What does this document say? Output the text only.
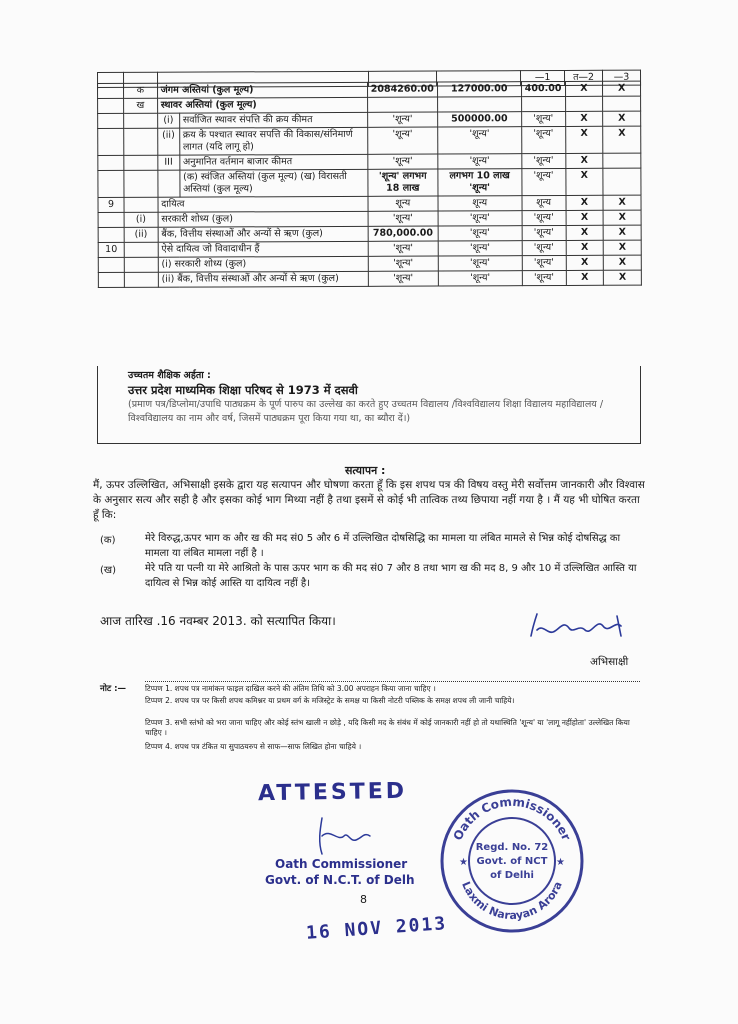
					—1	त—2	—3

	क	जंगम अस्तियां (कुल मूल्य)		2084260.00	127000.00	400.00	X	X
	ख	स्थावर अस्तियां (कुल मूल्य)						
		(i)	सर्वाजित स्थावर संपत्ति की क्रय कीमत	'शून्य'	500000.00	'शून्य'	X	X
		(ii)	क्रय के पश्चात स्थावर सपत्ति की विकास/संनिमार्ण लागत (यदि लागू हो)	'शून्य'	'शून्य'	'शून्य'	X	X
		III	अनुमानित वर्तमान बाजार कीमत	'शून्य'	'शून्य'	'शून्य'	X	
			(क) स्वंजित अस्तियां (कुल मूल्य) (ख) विरासती अस्तियां (कुल मूल्य)	'शून्य' लगभग 18 लाख	लगभग 10 लाख 'शून्य'	'शून्य'	X	
9		दायित्व		शून्य	शून्य	शून्य	X	X
	(i)	सरकारी शोध्य (कुल)		'शून्य'	'शून्य'	'शून्य'	X	X
	(ii)	बैंक, वित्तीय संस्थाओं और अन्यों से ऋण (कुल)		780,000.00	'शून्य'	'शून्य'	X	X
10		ऐसे दायित्व जो विवादाधीन हैं		'शून्य'	'शून्य'	'शून्य'	X	X
		(i) सरकारी शोध्य (कुल)		'शून्य'	'शून्य'	'शून्य'	X	X
		(ii) बैंक, वित्तीय संस्थाओं और अन्यों से ऋण (कुल)		'शून्य'	'शून्य'	'शून्य'	X	X
उच्चतम शैक्षिक अर्हता :
उत्तर प्रदेश माध्यमिक शिक्षा परिषद से 1973 में दसवी
(प्रमाण पत्र/डिप्लोमा/उपाधि पाठ्यक्रम के पूर्ण पारुप का उल्लेख का करते हुए उच्चतम विद्यालय /विश्वविद्यालय शिक्षा विद्यालय महाविद्यालय /विश्वविद्यालय का नाम और वर्ष, जिसमें पाठ्यक्रम पूरा किया गया था, का ब्यौरा दें।)
सत्यापन :
मैं, ऊपर उल्लिखित, अभिसाक्षी इसके द्वारा यह सत्यापन और घोषणा करता हूँ कि इस शपथ पत्र की विषय वस्तु मेरी सर्वोत्तम जानकारी और विश्वास के अनुसार सत्य और सही है और इसका कोई भाग मिथ्या नहीं है तथा इसमें से कोई भी तात्विक तथ्य छिपाया नहीं गया है । मैं यह भी घोषित करता हूँ कि:
(क)	मेरे विरुद्ध,ऊपर भाग क और ख की मद सं0 5 और 6 में उल्लिखित दोषसिद्धि का मामला या लंबित मामले से भिन्न कोई दोषसिद्ध का मामला या लंबित मामला नहीं है ।
(ख)	मेरे पति या पत्नी या मेरे आश्रितो के पास ऊपर भाग क की मद सं0 7 और 8 तथा भाग ख की मद 8, 9 और 10 में उल्लिखित आस्ति या दायित्व से भिन्न कोई आस्ति या दायित्व नहीं है।
आज तारिख .16 नवम्बर 2013. को सत्यापित किया।
अभिसाक्षी
नोट :—	टिप्पण 1. शपथ पत्र नामांकन फाइल दाखिल करने की अंतिम तिथि को 3.00 अपराहन किया जाना चाहिए ।
टिप्पण 2. शपथ पत्र पर किसी शपथ कमिश्नर या प्रथम वर्ग के मजिस्ट्रेट के समक्ष या किसी नोटरी पब्लिक के समक्ष शपथ ली जानी चाहिये।
टिप्पण 3. सभी स्तंभो को भरा जाना चाहिए और कोई स्तंभ खाली न छोड़े , यदि किसी मद के संबंध में कोई जानकारी नहीं हो तो यथास्थिति 'शून्य' या 'लागू नहींहोता' उल्लेखित किया चाहिए ।
टिप्पण 4. शपथ पत्र टंकित या सुपाठयरुप से साफ—साफ लिखित होना चाहिये ।
ATTESTED
Oath Commissioner
Govt. of N.C.T. of Delh
8
16 NOV 2013
Oath Commissioner
Laxmi Narayan Arora
★	★
Regd. No. 72
Govt. of NCT
of Delhi
